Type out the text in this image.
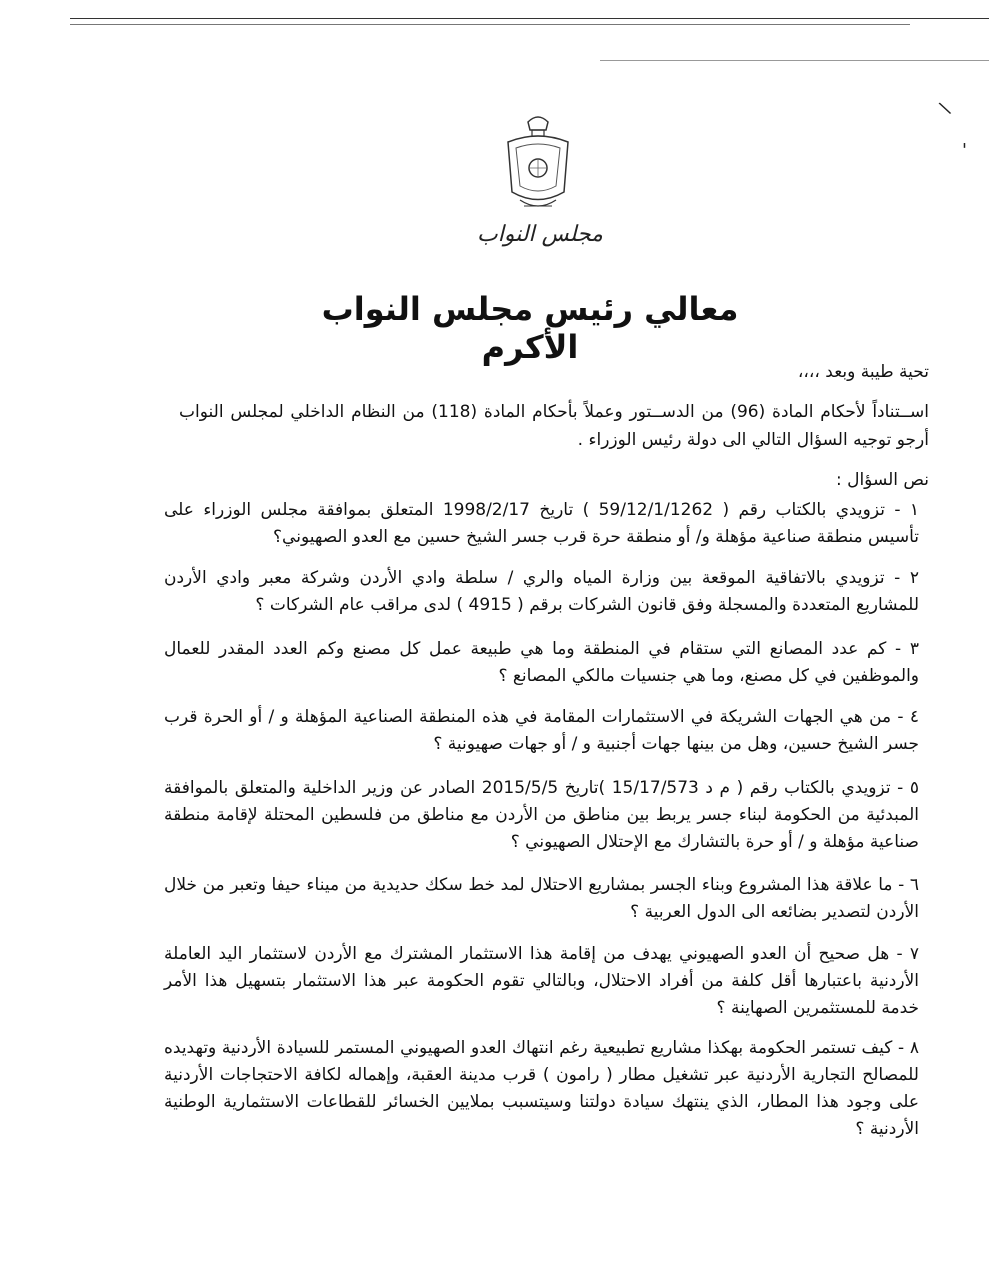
\
'
مجلس النواب
معالي رئيس مجلس النواب الأكرم
تحية طيبة وبعد ،،،،
اســتناداً لأحكام المادة (96) من الدســتور وعملاً بأحكام المادة (118) من النظام الداخلي لمجلس النواب أرجو توجيه السؤال التالي الى دولة رئيس الوزراء .
نص السؤال :
١ - تزويدي بالكتاب رقم ( 59/12/1/1262 ) تاريخ 1998/2/17 المتعلق بموافقة مجلس الوزراء على تأسيس منطقة صناعية مؤهلة و/ أو منطقة حرة قرب جسر الشيخ حسين مع العدو الصهيوني؟
٢ - تزويدي بالاتفاقية الموقعة بين وزارة المياه والري / سلطة وادي الأردن وشركة معبر وادي الأردن للمشاريع المتعددة والمسجلة وفق قانون الشركات برقم ( 4915 ) لدى مراقب عام الشركات ؟
٣ - كم عدد المصانع التي ستقام في المنطقة وما هي طبيعة عمل كل مصنع وكم العدد المقدر للعمال والموظفين في كل مصنع، وما هي جنسيات مالكي المصانع ؟
٤ - من هي الجهات الشريكة في الاستثمارات المقامة في هذه المنطقة الصناعية المؤهلة و / أو الحرة قرب جسر الشيخ حسين، وهل من بينها جهات أجنبية و / أو جهات صهيونية ؟
٥ - تزويدي بالكتاب رقم ( م د 15/17/573 )تاريخ 2015/5/5 الصادر عن وزير الداخلية والمتعلق بالموافقة المبدئية من الحكومة لبناء جسر يربط بين مناطق من الأردن مع مناطق من فلسطين المحتلة لإقامة منطقة صناعية مؤهلة و / أو حرة بالتشارك مع الإحتلال الصهيوني ؟
٦ - ما علاقة هذا المشروع وبناء الجسر بمشاريع الاحتلال لمد خط سكك حديدية من ميناء حيفا وتعبر من خلال الأردن لتصدير بضائعه الى الدول العربية ؟
٧ - هل صحيح أن العدو الصهيوني يهدف من إقامة هذا الاستثمار المشترك مع الأردن لاستثمار اليد العاملة الأردنية باعتبارها أقل كلفة من أفراد الاحتلال، وبالتالي تقوم الحكومة عبر هذا الاستثمار بتسهيل هذا الأمر خدمة للمستثمرين الصهاينة ؟
٨ - كيف تستمر الحكومة بهكذا مشاريع تطبيعية رغم انتهاك العدو الصهيوني المستمر للسيادة الأردنية وتهديده للمصالح التجارية الأردنية عبر تشغيل مطار ( رامون ) قرب مدينة العقبة، وإهماله لكافة الاحتجاجات الأردنية على وجود هذا المطار، الذي ينتهك سيادة دولتنا وسيتسبب بملايين الخسائر للقطاعات الاستثمارية الوطنية الأردنية ؟
